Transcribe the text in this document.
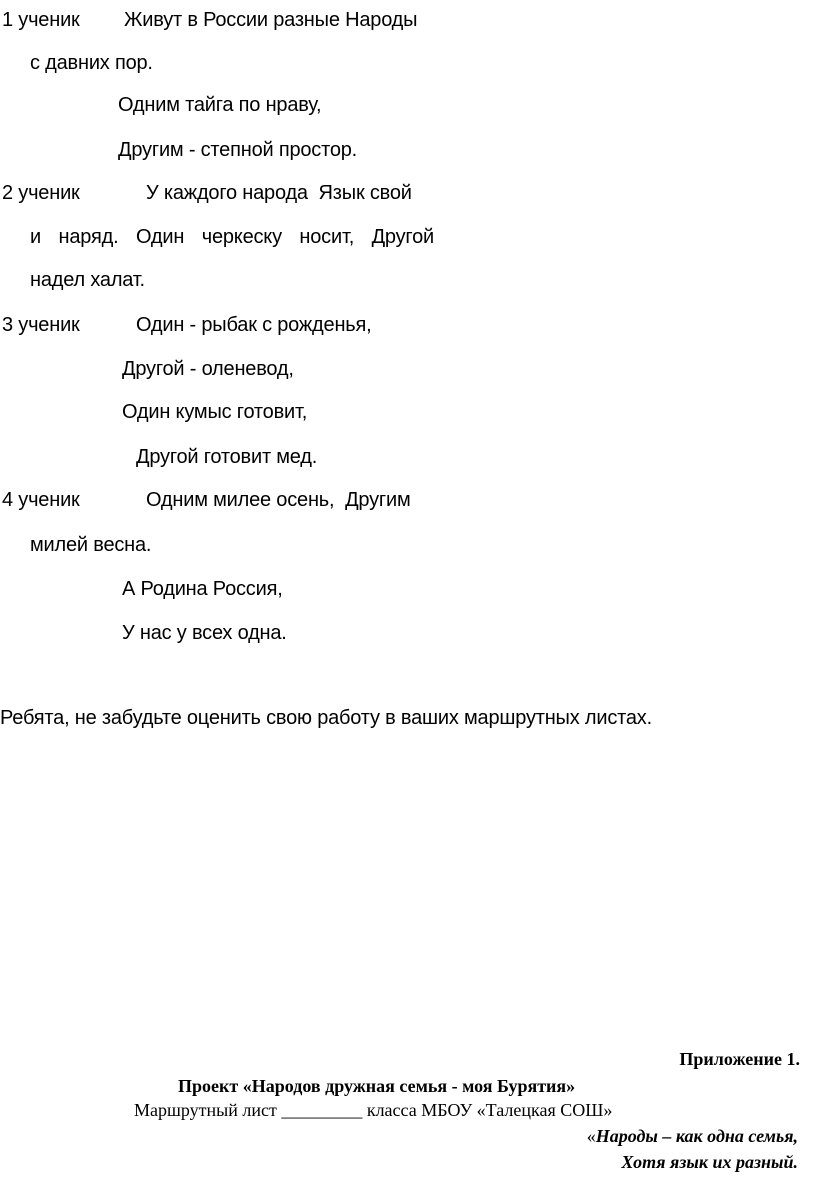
1 ученик Живут в России разные Народы
с давних пор.
Одним тайга по нраву,
Другим - степной простор.
2 ученик	У каждого народа  Язык свой
и наряд. Один черкеску носит, Другой
надел халат.
3 ученик	Один - рыбак с рожденья,
Другой - оленевод,
Один кумыс готовит,
Другой готовит мед.
4 ученик	Одним милее осень,  Другим
милей весна.
А Родина Россия,
У нас у всех одна.
Ребята, не забудьте оценить свою работу в ваших маршрутных листах.
Приложение 1.
Проект «Народов дружная семья - моя Бурятия»
Маршрутный лист _________ класса МБОУ «Талецкая СОШ»
«Народы – как одна семья,
Хотя язык их разный.
